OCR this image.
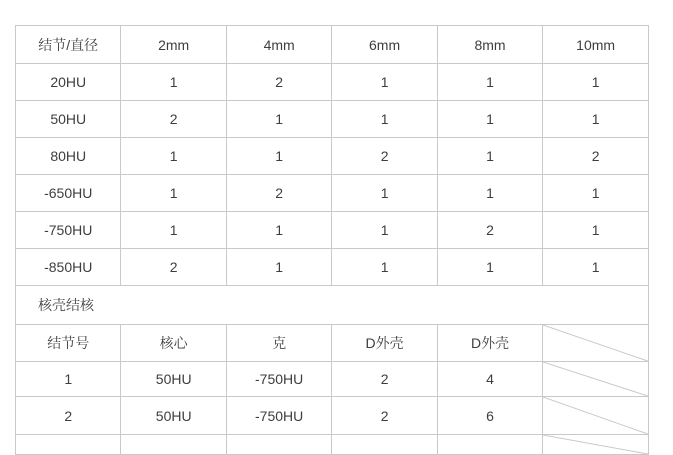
结节/直径	2mm	4mm	6mm	8mm	10mm
20HU	1	2	1	1	1
50HU	2	1	1	1	1
80HU	1	1	2	1	2
-650HU	1	2	1	1	1
-750HU	1	1	1	2	1
-850HU	2	1	1	1	1
核壳结核					
结节号	核心	克	D外壳	D外壳	

1	50HU	-750HU	2	4	

2	50HU	-750HU	2	6	
